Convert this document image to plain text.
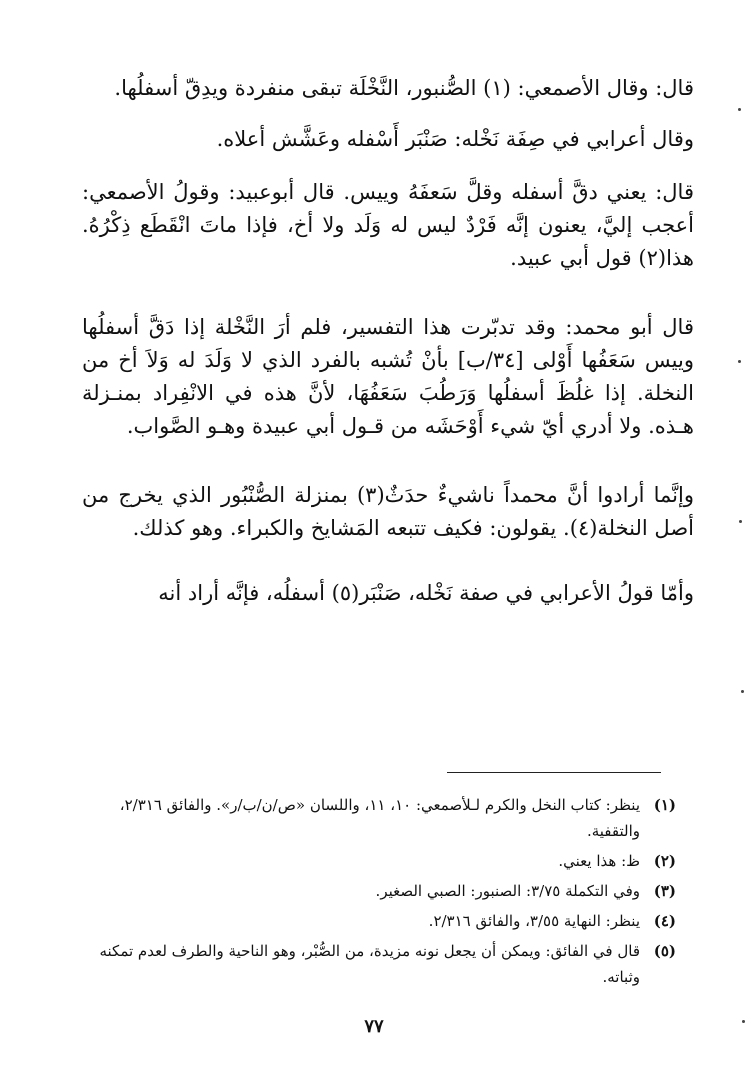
قال: وقال الأصمعي: (١) الصُّنبور، النَّخْلَة تبقى منفردة ويدِقّ أسفلُها.

وقال أعرابي في صِفَة نَخْله: صَنْبَر أَسْفله وعَشَّش أعلاه.

قال: يعني دقَّ أسفله وقلَّ سَعفَهُ وييس. قال أبوعبيد: وقولُ الأصمعي: أعجب إليَّ، يعنون إنَّه فَرْدٌ ليس له وَلَد ولا أخ، فإذا ماتَ انْقَطَع ذِكْرُهُ. هذا(٢) قول أبي عبيد.

قال أبو محمد: وقد تدبّرت هذا التفسير، فلم أرَ النَّخْلة إذا دَقَّ أسفلُها وييس سَعَفُها أَوْلى [٣٤/ب] بأنْ تُشبه بالفرد الذي لا وَلَدَ له وَلاَ أخ من النخلة. إذا غلُظَ أسفلُها وَرَطُبَ سَعَفُهَا، لأنَّ هذه في الانْفِراد بمنـزلة هـذه. ولا أدري أيّ شيء أَوْحَشَه من قـول أبي عبيدة وهـو الصَّواب.

وإنَّما أرادوا أنَّ محمداً ناشيءٌ حدَثٌ(٣) بمنزلة الصُّنْبُور الذي يخرج من أصل النخلة(٤). يقولون: فكيف تتبعه المَشايخ والكبراء. وهو كذلك.

وأمّا قولُ الأعرابي في صفة نَخْله، صَنْبَر(٥) أسفلُه، فإنَّه أراد أنه

(١)
ينظر: كتاب النخل والكرم لـلأصمعي: ١٠، ١١، واللسان «ص/ن/ب/ر». والفائق ٢/٣١٦، والتقفية.
(٢)
ظ: هذا يعني.
(٣)
وفي التكملة ٣/٧٥: الصنبور: الصبي الصغير.
(٤)
ينظر: النهاية ٣/٥٥، والفائق ٢/٣١٦.
(٥)
قال في الفائق: ويمكن أن يجعل نونه مزيدة، من الصُّبْر، وهو الناحية والطرف لعدم تمكنه وثباته.
٧٧
